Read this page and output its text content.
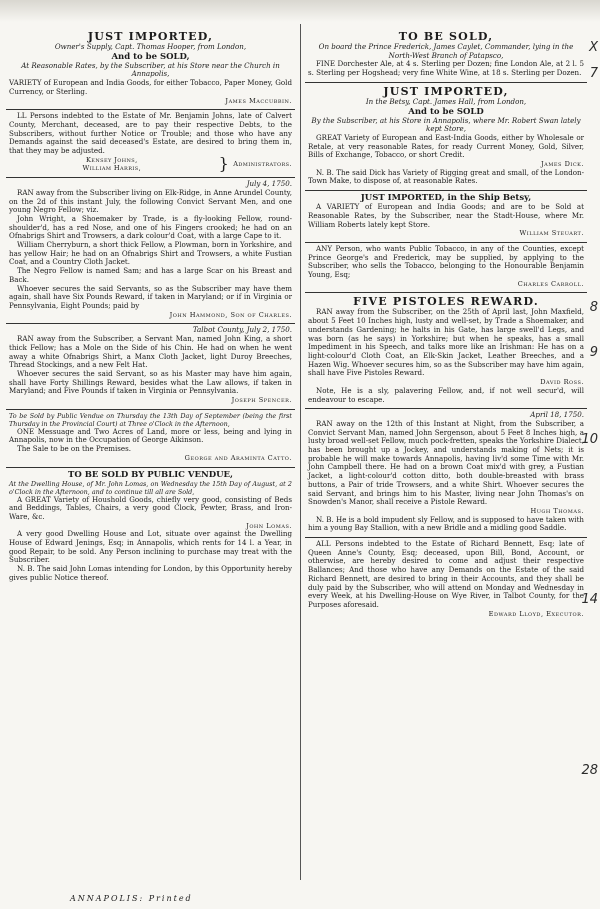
JUST IMPORTED,
Owner's Supply, Capt. Thomas Hooper, from London,
And to be SOLD,
At Reasonable Rates, by the Subscriber, at his Store near the Church in Annapolis,
VARIETY of European and India Goods, for either Tobacco, Paper Money, Gold Currency, or Sterling.
James Maccubbin.

LL Persons indebted to the Estate of Mr. Benjamin Johns, late of Calvert County, Merchant, deceased, are to pay their respective Debts, to the Subscribers, without further Notice or Trouble; and those who have any Demands against the said deceased's Estate, are desired to bring them in, that they may be adjusted.

Kensey Johns,
William Harris,	} Administrators.
July 4, 1750.

RAN away from the Subscriber living on Elk-Ridge, in Anne Arundel County, on the 2d of this instant July, the following Convict Servant Men, and one young Negro Fellow; viz.

John Wright, a Shoemaker by Trade, is a fly-looking Fellow, round-shoulder'd, has a red Nose, and one of his Fingers crooked; he had on an Ofnabrigs Shirt and Trowsers, a dark colour'd Coat, with a large Cape to it.

William Cherryburn, a short thick Fellow, a Plowman, born in Yorkshire, and has yellow Hair; he had on an Ofnabrigs Shirt and Trowsers, a white Fustian Coat, and a Country Cloth Jacket.

The Negro Fellow is named Sam; and has a large Scar on his Breast and Back.

Whoever secures the said Servants, so as the Subscriber may have them again, shall have Six Pounds Reward, if taken in Maryland; or if in Virginia or Pennsylvania, Eight Pounds; paid by

John Hammond, Son of Charles.
Talbot County, July 2, 1750.

RAN away from the Subscriber, a Servant Man, named John King, a short thick Fellow; has a Mole on the Side of his Chin. He had on when he went away a white Ofnabrigs Shirt, a Manx Cloth Jacket, light Duroy Breeches, Thread Stockings, and a new Felt Hat.

Whoever secures the said Servant, so as his Master may have him again, shall have Forty Shillings Reward, besides what the Law allows, if taken in Maryland; and Five Pounds if taken in Virginia or Pennsylvania.

Joseph Spencer.
To be Sold by Public Vendue on Thursday the 13th Day of September (being the first Thursday in the Provincial Court) at Three o'Clock in the Afternoon,

ONE Messuage and Two Acres of Land, more or less, being and lying in Annapolis, now in the Occupation of George Aikinson.

The Sale to be on the Premises.

George and Araminta Catto.
TO BE SOLD BY PUBLIC VENDUE,
At the Dwelling House, of Mr. John Lomas, on Wednesday the 15th Day of August, at 2 o'Clock in the Afternoon, and to continue till all are Sold,

A GREAT Variety of Houshold Goods, chiefly very good, consisting of Beds and Beddings, Tables, Chairs, a very good Clock, Pewter, Brass, and Iron-Ware, &c.

John Lomas.

A very good Dwelling House and Lot, situate over against the Dwelling House of Edward Jenings, Esq; in Annapolis, which rents for 14 l. a Year, in good Repair, to be sold. Any Person inclining to purchase may treat with the Subscriber.

N. B. The said John Lomas intending for London, by this Opportunity hereby gives public Notice thereof.

TO BE SOLD,
On board the Prince Frederick, James Caylet, Commander, lying in the North-West Branch of Patapsco,

FINE Dorchester Ale, at 4 s. Sterling per Dozen; fine London Ale, at 2 l. 5 s. Sterling per Hogshead; very fine White Wine, at 18 s. Sterling per Dozen.

JUST IMPORTED,
In the Betsy, Capt. James Hall, from London,
And to be SOLD
By the Subscriber, at his Store in Annapolis, where Mr. Robert Swan lately kept Store,

GREAT Variety of European and East-India Goods, either by Wholesale or Retale, at very reasonable Rates, for ready Current Money, Gold, Silver, Bills of Exchange, Tobacco, or short Credit.

James Dick.

N. B. The said Dick has Variety of Rigging great and small, of the London-Town Make, to dispose of, at reasonable Rates.

JUST IMPORTED, in the Ship Betsy,

A VARIETY of European and India Goods; and are to be Sold at Reasonable Rates, by the Subscriber, near the Stadt-House, where Mr. William Roberts lately kept Store.

William Steuart.

ANY Person, who wants Public Tobacco, in any of the Counties, except Prince George's and Frederick, may be supplied, by applying to the Subscriber, who sells the Tobacco, belonging to the Honourable Benjamin Young, Esq;

Charles Carroll.
FIVE PISTOLES REWARD.

RAN away from the Subscriber, on the 25th of April last, John Maxfield, about 5 Feet 10 Inches high, lusty and well-set, by Trade a Shoemaker, and understands Gardening; he halts in his Gate, has large swell'd Legs, and was born (as he says) in Yorkshire; but when he speaks, has a small Impediment in his Speech, and talks more like an Irishman: He has on a light-colour'd Cloth Coat, an Elk-Skin Jacket, Leather Breeches, and a Hazen Wig. Whoever secures him, so as the Subscriber may have him again, shall have Five Pistoles Reward.

David Ross.

Note, He is a sly, palavering Fellow, and, if not well secur'd, will endeavour to escape.

April 18, 1750.

RAN away on the 12th of this Instant at Night, from the Subscriber, a Convict Servant Man, named John Sergenson, about 5 Feet 8 Inches high, a lusty broad well-set Fellow, much pock-fretten, speaks the Yorkshire Dialect, has been brought up a Jockey, and understands making of Nets; it is probable he will make towards Annapolis, having liv'd some Time with Mr. John Campbell there. He had on a brown Coat mix'd with grey, a Fustian Jacket, a light-colour'd cotton ditto, both double-breasted with brass buttons, a Pair of tride Trowsers, and a white Shirt. Whoever secures the said Servant, and brings him to his Master, living near John Thomas's on Snowden's Manor, shall receive a Pistole Reward.

Hugh Thomas.

N. B. He is a bold impudent sly Fellow, and is supposed to have taken with him a young Bay Stallion, with a new Bridle and a midling good Saddle.

ALL Persons indebted to the Estate of Richard Bennett, Esq; late of Queen Anne's County, Esq; deceased, upon Bill, Bond, Account, or otherwise, are hereby desired to come and adjust their respective Ballances; And those who have any Demands on the Estate of the said Richard Bennett, are desired to bring in their Accounts, and they shall be duly paid by the Subscriber, who will attend on Monday and Wednesday in every Week, at his Dwelling-House on Wye River, in Talbot County, for the Purposes aforesaid.

Edward Lloyd, Executor.
X
7
8
9
10
14
28
ANNAPOLIS: Printed
